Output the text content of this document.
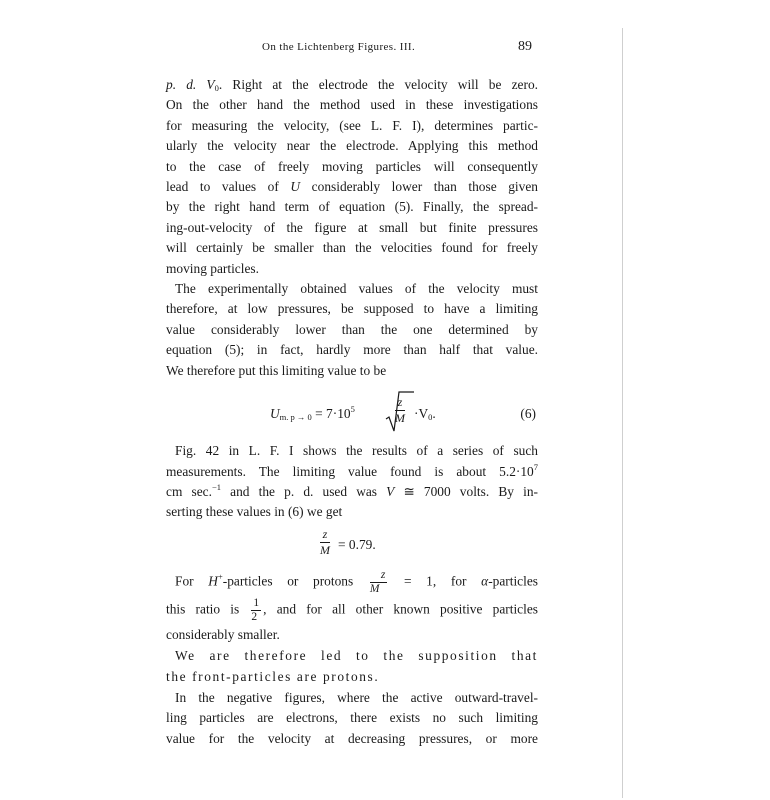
On the Lichtenberg Figures. III.	89

p. d. $V_0$. Right at the electrode the velocity will be zero.
On the other hand the method used in these investigations
for measuring the velocity, (see L. F. I), determines partic-
ularly the velocity near the electrode. Applying this method
to the case of freely moving particles will consequently
lead to values of U considerably lower than those given
by the right hand term of equation (5). Finally, the spread-
ing-out-velocity of the figure at small but finite pressures
will certainly be smaller than the velocities found for freely
moving particles.

The experimentally obtained values of the velocity must
therefore, at low pressures, be supposed to have a limiting
value considerably lower than the one determined by
equation (5); in fact, hardly more than half that value.
We therefore put this limiting value to be

$U_{m. p \to 0} = 7\cdot 10^5$	$\frac{z}{M} \cdot V_0$.	(6)

Fig. 42 in L. F. I shows the results of a series of such
measurements. The limiting value found is about $5.2\cdot 10^7$
cm sec.$^{-1}$ and the p. d. used was V ≅ 7000 volts. By in-
serting these values in (6) we get

$\frac{z}{M} = 0.79$.

For H+-particles or protons $\frac{z}{M} = 1$, for α-particles
this ratio is $\frac{1}{2}$ , and for all other known positive particles
considerably smaller.

We are therefore led to the supposition that
the front-particles are protons.

In the negative figures, where the active outward-travel-
ling particles are electrons, there exists no such limiting
value for the velocity at decreasing pressures, or more
